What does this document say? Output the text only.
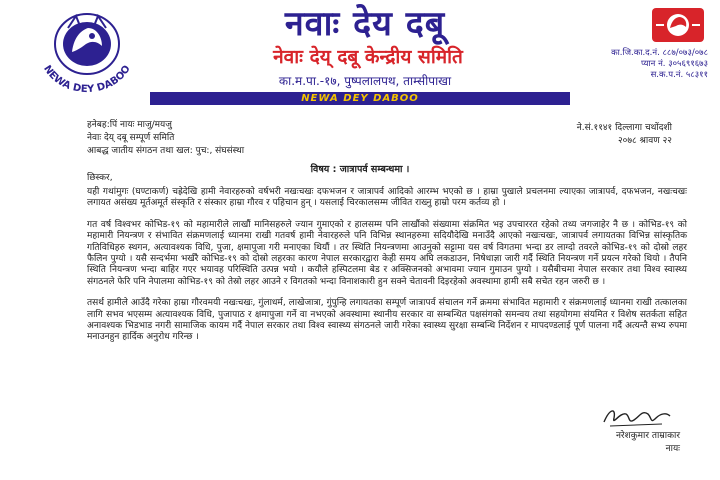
NEWA DEY DABOO
नवाः देय दबू
नेवाः देय् दबू केन्द्रीय समिति
का.म.पा.-१७, पुष्पलालपथ, ताम्सीपाखा
का.जि.का.द.नं. ८८७/०७३/०७८
प्यान नं. ३०५६९१६७३
स.क.प.नं. ५८३११
NEWA DEY DABOO
हनेबह:पिं नायः माजु/मयजु
नेवाः देय् दबू सम्पूर्ण समिति
आबद्ध जातीय संगठन तथा खल: पुच:, संघसंस्था
ने.सं.११४१ दिल्लागा चथोंदशी
२०७८ श्रावण २२
विषय : जात्रापर्व सम्बन्धमा ।
छिस्कर,

यही गथांमुगः (घण्टाकर्ण) चह्रेदेखि हामी नेवारहरुको वर्षभरी नखःचखः दफभजन र जात्रापर्व आदिको आरम्भ भएको छ । हाम्रा पुखाले प्रचलनमा ल्याएका जात्रापर्व, दफभजन, नखःचखः लगायत असंख्य मूर्तअमूर्त संस्कृति र संस्कार हाम्रा गौरव र पहिचान हुन् । यसलाई चिरकालसम्म जीवित राख्नु हाम्रो परम कर्तव्य हो ।

गत वर्ष विश्वभर कोभिड-१९ को महामारीले लाखौं मानिसहरुले ज्यान गुमाएको र हालसम्म पनि लाखौंको संख्यामा संक्रमित भइ उपचाररत रहेको तथ्य जगजाहेर नै छ । कोभिड-१९ को महामारी नियन्त्रण र संभावित संक्रमणलाई ध्यानमा राखी गतवर्ष हामी नेवारहरुले पनि विभिन्न स्थानहरुमा सदियौदेखि मनाउँदै आएको नखःचखः, जात्रापर्व लगायतका विभिन्न सांस्कृतिक गतिविधिहरु स्थगन, अत्यावश्यक विधि, पुजा, क्षमापुजा गरी मनाएका थियौं । तर स्थिति नियन्त्रणमा आउनुको सट्टामा यस वर्ष विगतमा भन्दा डर लाग्दो तवरले कोभिड-१९ को दोस्रो लहर फैलिन पुग्यो । यसै सन्दर्भमा भर्खरै कोभिड-१९ को दोस्रो लहरका कारण नेपाल सरकारद्वारा केही समय अघि लकडाउन, निषेधाज्ञा जारी गर्दै स्थिति नियन्त्रण गर्ने प्रयत्न गरेको थियो । तैपनि स्थिति नियन्त्रण भन्दा बाहिर गएर भयावह परिस्थिति उत्पन्न भयो । कयौले हस्पिटलमा बेड र अक्सिजनको अभावमा ज्यान गुमाउन पुग्यो । यसैबीचमा नेपाल सरकार तथा विश्व स्वास्थ्य संगठनले फेरि पनि नेपालमा कोभिड-१९ को तेस्रो लहर आउने र विगतको भन्दा विनाशकारी हुन सक्ने चेतावनी दिइरहेको अवस्थामा हामी सबै सचेत रहन जरुरी छ ।

तसर्थ हामीले आउँदै गरेका हाम्रा गौरवमयी नखःचखः, गुंलाधर्म, लाखेजात्रा, गुंपुन्हि लगायतका सम्पूर्ण जात्रापर्व संचालन गर्ने क्रममा संभावित महामारी र संक्रमणलाई ध्यानमा राखी तत्कालका लागि सभव भएसम्म अत्यावश्यक विधि, पुजापाठ र क्षमापुजा गर्ने वा नभएको अवस्थामा स्थानीय सरकार वा सम्बन्धित पक्षसंगको समन्वय तथा सहयोगमा संयमित र विशेष सतर्कता सहित अनावश्यक भिडभाड नगरी सामाजिक कायम गर्दै नेपाल सरकार तथा विश्व स्वास्थ्य संगठनले जारी गरेका स्वास्थ्य सुरक्षा सम्बन्धि निर्देशन र मापदण्डलाई पूर्ण पालना गर्दै अत्यन्तै सभ्य रुपमा मनाउनहुन हार्दिक अनुरोध गरिन्छ ।

नरेशकुमार ताम्राकार
नायः
